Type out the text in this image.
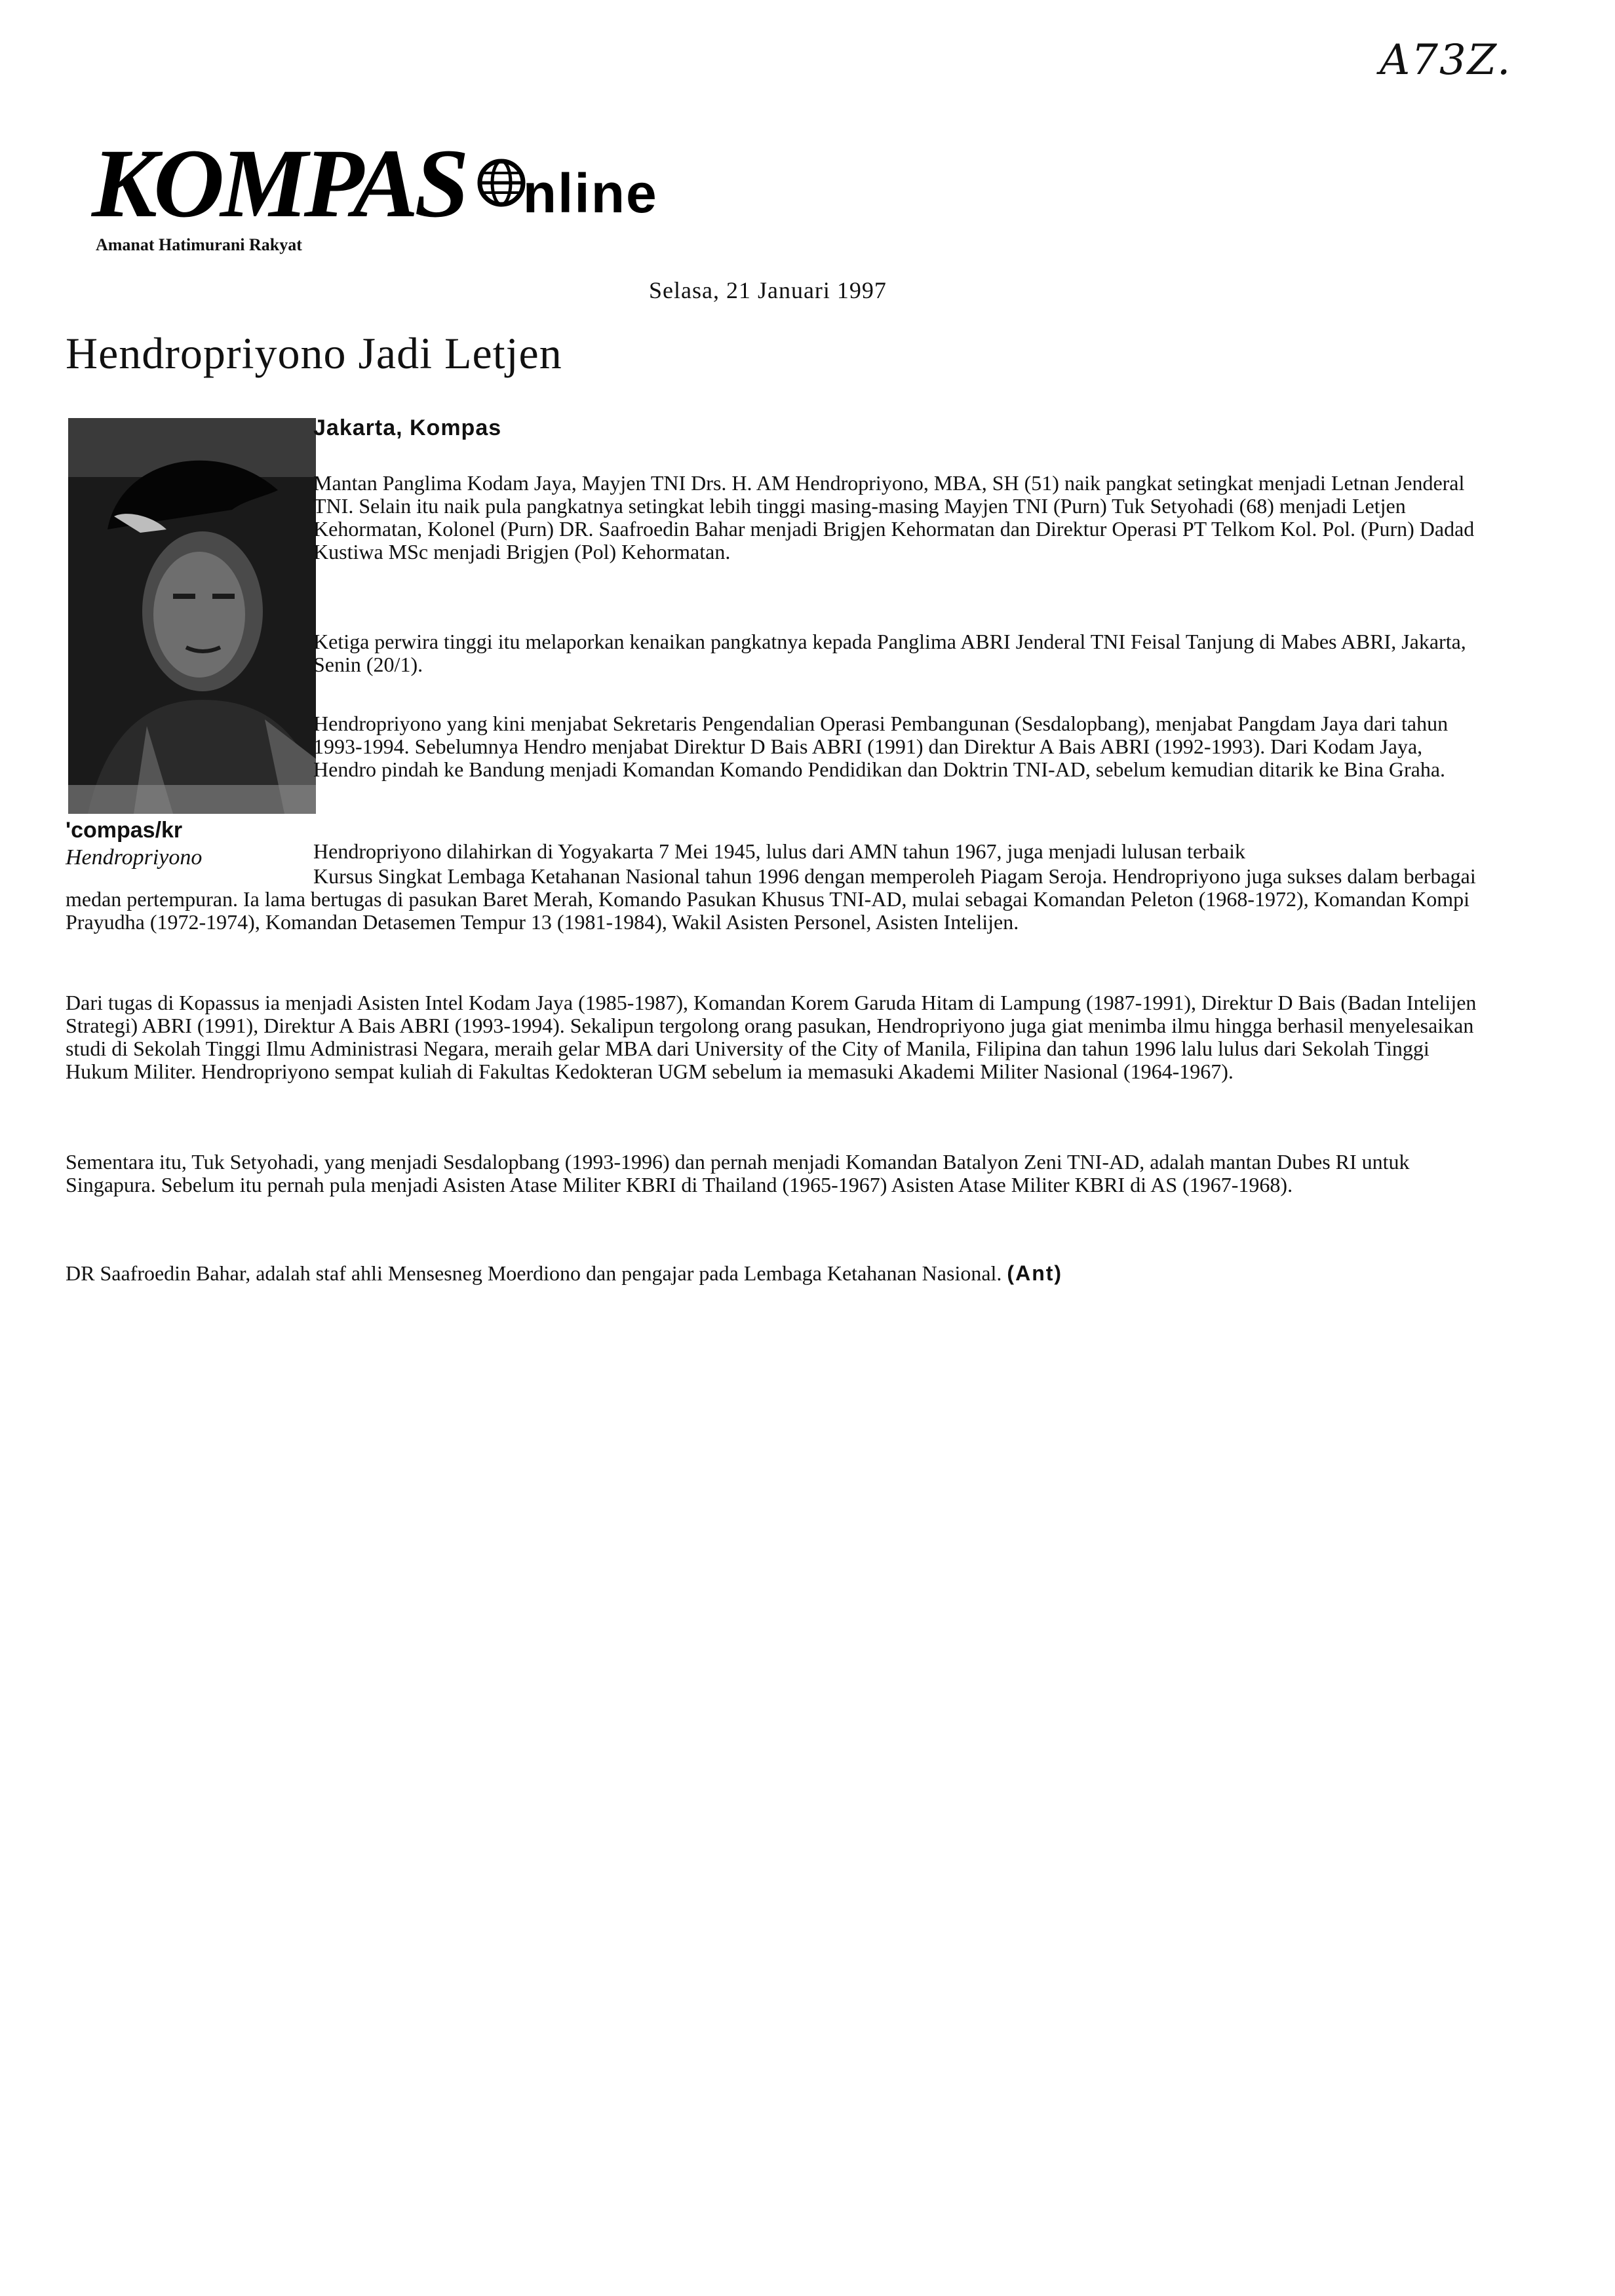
A73Z.
KOMPAS nline
Amanat Hatimurani Rakyat
Selasa, 21 Januari 1997
Hendropriyono Jadi Letjen
'compas/kr
Hendropriyono
Jakarta, Kompas

Mantan Panglima Kodam Jaya, Mayjen TNI Drs. H. AM Hendropriyono, MBA, SH (51) naik pangkat setingkat menjadi Letnan Jenderal TNI. Selain itu naik pula pangkatnya setingkat lebih tinggi masing-masing Mayjen TNI (Purn) Tuk Setyohadi (68) menjadi Letjen Kehormatan, Kolonel (Purn) DR. Saafroedin Bahar menjadi Brigjen Kehormatan dan Direktur Operasi PT Telkom Kol. Pol. (Purn) Dadad Kustiwa MSc menjadi Brigjen (Pol) Kehormatan.

Ketiga perwira tinggi itu melaporkan kenaikan pangkatnya kepada Panglima ABRI Jenderal TNI Feisal Tanjung di Mabes ABRI, Jakarta, Senin (20/1).

Hendropriyono yang kini menjabat Sekretaris Pengendalian Operasi Pembangunan (Sesdalopbang), menjabat Pangdam Jaya dari tahun 1993-1994. Sebelumnya Hendro menjabat Direktur D Bais ABRI (1991) dan Direktur A Bais ABRI (1992-1993). Dari Kodam Jaya, Hendro pindah ke Bandung menjadi Komandan Komando Pendidikan dan Doktrin TNI-AD, sebelum kemudian ditarik ke Bina Graha.

Hendropriyono dilahirkan di Yogyakarta 7 Mei 1945, lulus dari AMN tahun 1967, juga menjadi lulusan terbaik

Kursus Singkat Lembaga Ketahanan Nasional tahun 1996 dengan memperoleh Piagam Seroja. Hendropriyono juga sukses dalam berbagai medan pertempuran. Ia lama bertugas di pasukan Baret Merah, Komando Pasukan Khusus TNI-AD, mulai sebagai Komandan Peleton (1968-1972), Komandan Kompi Prayudha (1972-1974), Komandan Detasemen Tempur 13 (1981-1984), Wakil Asisten Personel, Asisten Intelijen.

Dari tugas di Kopassus ia menjadi Asisten Intel Kodam Jaya (1985-1987), Komandan Korem Garuda Hitam di Lampung (1987-1991), Direktur D Bais (Badan Intelijen Strategi) ABRI (1991), Direktur A Bais ABRI (1993-1994). Sekalipun tergolong orang pasukan, Hendropriyono juga giat menimba ilmu hingga berhasil menyelesaikan studi di Sekolah Tinggi Ilmu Administrasi Negara, meraih gelar MBA dari University of the City of Manila, Filipina dan tahun 1996 lalu lulus dari Sekolah Tinggi Hukum Militer. Hendropriyono sempat kuliah di Fakultas Kedokteran UGM sebelum ia memasuki Akademi Militer Nasional (1964-1967).

Sementara itu, Tuk Setyohadi, yang menjadi Sesdalopbang (1993-1996) dan pernah menjadi Komandan Batalyon Zeni TNI-AD, adalah mantan Dubes RI untuk Singapura. Sebelum itu pernah pula menjadi Asisten Atase Militer KBRI di Thailand (1965-1967) Asisten Atase Militer KBRI di AS (1967-1968).

DR Saafroedin Bahar, adalah staf ahli Mensesneg Moerdiono dan pengajar pada Lembaga Ketahanan Nasional. (Ant)
